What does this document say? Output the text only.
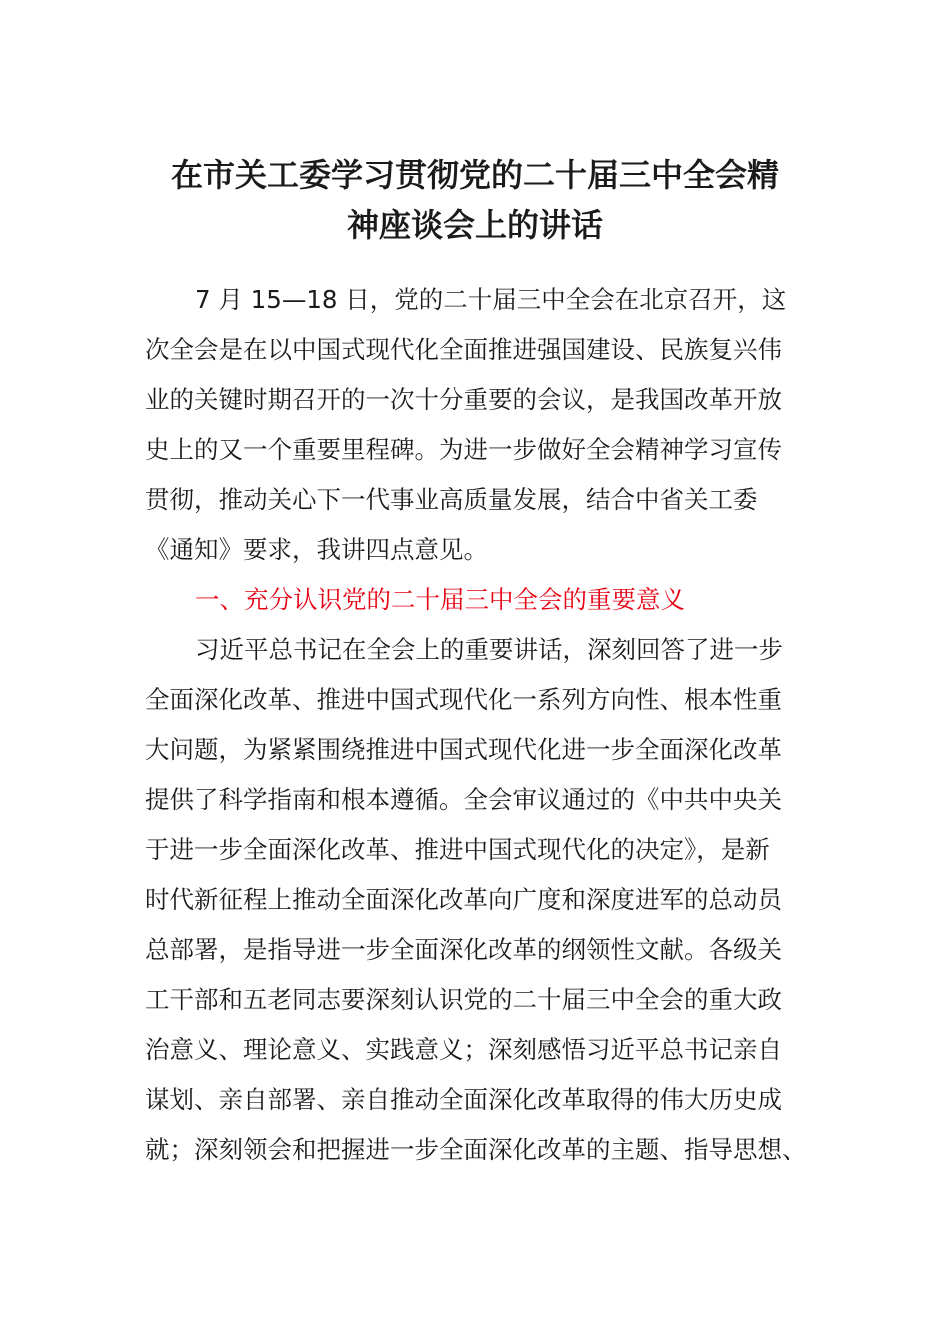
在市关工委学习贯彻党的二十届三中全会精
神座谈会上的讲话
7 月 15—18 日，党的二十届三中全会在北京召开，这
次全会是在以中国式现代化全面推进强国建设、民族复兴伟
业的关键时期召开的一次十分重要的会议，是我国改革开放
史上的又一个重要里程碑。为进一步做好全会精神学习宣传
贯彻，推动关心下一代事业高质量发展，结合中省关工委
《通知》要求，我讲四点意见。
一、充分认识党的二十届三中全会的重要意义
习近平总书记在全会上的重要讲话，深刻回答了进一步
全面深化改革、推进中国式现代化一系列方向性、根本性重
大问题，为紧紧围绕推进中国式现代化进一步全面深化改革
提供了科学指南和根本遵循。全会审议通过的《中共中央关
于进一步全面深化改革、推进中国式现代化的决定》，是新
时代新征程上推动全面深化改革向广度和深度进军的总动员
总部署，是指导进一步全面深化改革的纲领性文献。各级关
工干部和五老同志要深刻认识党的二十届三中全会的重大政
治意义、理论意义、实践意义；深刻感悟习近平总书记亲自
谋划、亲自部署、亲自推动全面深化改革取得的伟大历史成
就；深刻领会和把握进一步全面深化改革的主题、指导思想、
